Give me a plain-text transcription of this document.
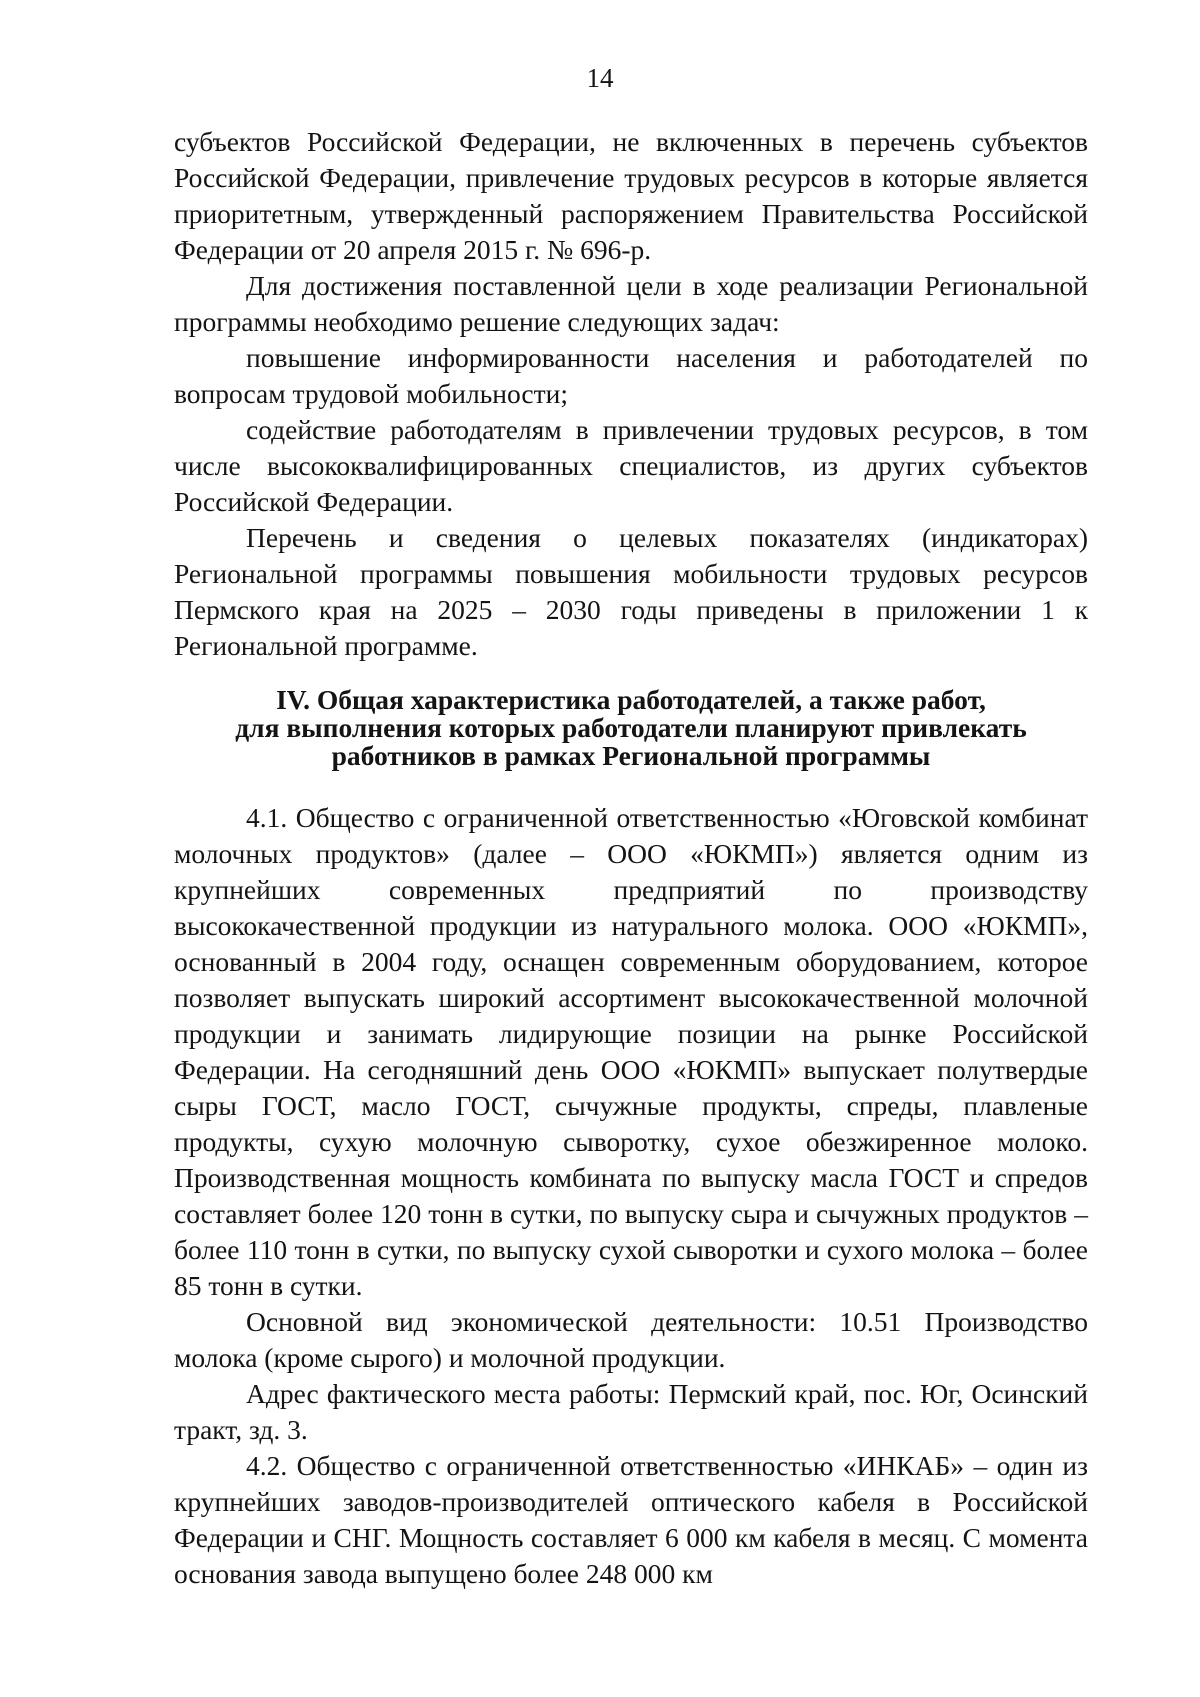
14

субъектов Российской Федерации, не включенных в перечень субъектов Российской Федерации, привлечение трудовых ресурсов в которые является приоритетным, утвержденный распоряжением Правительства Российской Федерации от 20 апреля 2015 г. № 696-р.

Для достижения поставленной цели в ходе реализации Региональной программы необходимо решение следующих задач:

повышение информированности населения и работодателей по вопросам трудовой мобильности;

содействие работодателям в привлечении трудовых ресурсов, в том числе высококвалифицированных специалистов, из других субъектов Российской Федерации.

Перечень и сведения о целевых показателях (индикаторах) Региональной программы повышения мобильности трудовых ресурсов Пермского края на 2025 – 2030 годы приведены в приложении 1 к Региональной программе.

IV. Общая характеристика работодателей, а также работ,
для выполнения которых работодатели планируют привлекать
работников в рамках Региональной программы

4.1. Общество с ограниченной ответственностью «Юговской комбинат молочных продуктов» (далее – ООО «ЮКМП») является одним из крупнейших современных предприятий по производству высококачественной продукции из натурального молока. ООО «ЮКМП», основанный в 2004 году, оснащен современным оборудованием, которое позволяет выпускать широкий ассортимент высококачественной молочной продукции и занимать лидирующие позиции на рынке Российской Федерации. На сегодняшний день ООО «ЮКМП» выпускает полутвердые сыры ГОСТ, масло ГОСТ, сычужные продукты, спреды, плавленые продукты, сухую молочную сыворотку, сухое обезжиренное молоко. Производственная мощность комбината по выпуску масла ГОСТ и спредов составляет более 120 тонн в сутки, по выпуску сыра и сычужных продуктов – более 110 тонн в сутки, по выпуску сухой сыворотки и сухого молока – более 85 тонн в сутки.

Основной вид экономической деятельности: 10.51 Производство молока (кроме сырого) и молочной продукции.

Адрес фактического места работы: Пермский край, пос. Юг, Осинский тракт, зд. 3.

4.2. Общество с ограниченной ответственностью «ИНКАБ» – один из крупнейших заводов-производителей оптического кабеля в Российской Федерации и СНГ. Мощность составляет 6 000 км кабеля в месяц. С момента основания завода выпущено более 248 000 км
